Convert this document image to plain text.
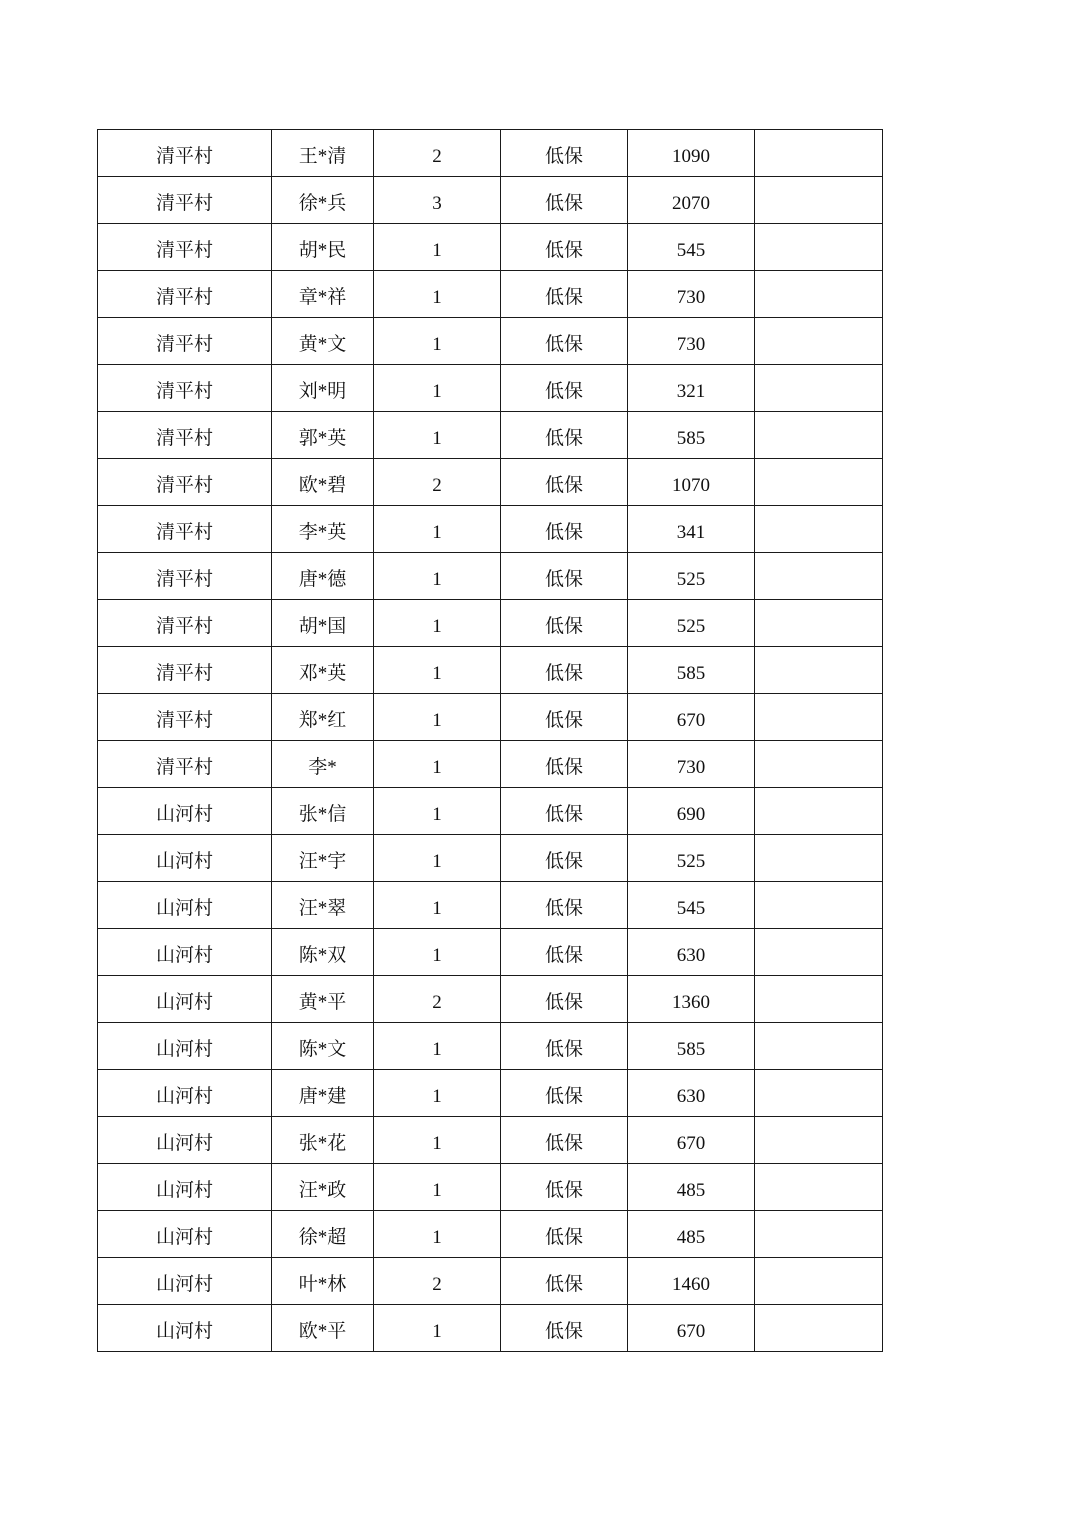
清平村	王*清	2	低保	1090	
清平村	徐*兵	3	低保	2070	
清平村	胡*民	1	低保	545	
清平村	章*祥	1	低保	730	
清平村	黄*文	1	低保	730	
清平村	刘*明	1	低保	321	
清平村	郭*英	1	低保	585	
清平村	欧*碧	2	低保	1070	
清平村	李*英	1	低保	341	
清平村	唐*德	1	低保	525	
清平村	胡*国	1	低保	525	
清平村	邓*英	1	低保	585	
清平村	郑*红	1	低保	670	
清平村	李*	1	低保	730	
山河村	张*信	1	低保	690	
山河村	汪*宇	1	低保	525	
山河村	汪*翠	1	低保	545	
山河村	陈*双	1	低保	630	
山河村	黄*平	2	低保	1360	
山河村	陈*文	1	低保	585	
山河村	唐*建	1	低保	630	
山河村	张*花	1	低保	670	
山河村	汪*政	1	低保	485	
山河村	徐*超	1	低保	485	
山河村	叶*林	2	低保	1460	
山河村	欧*平	1	低保	670	
